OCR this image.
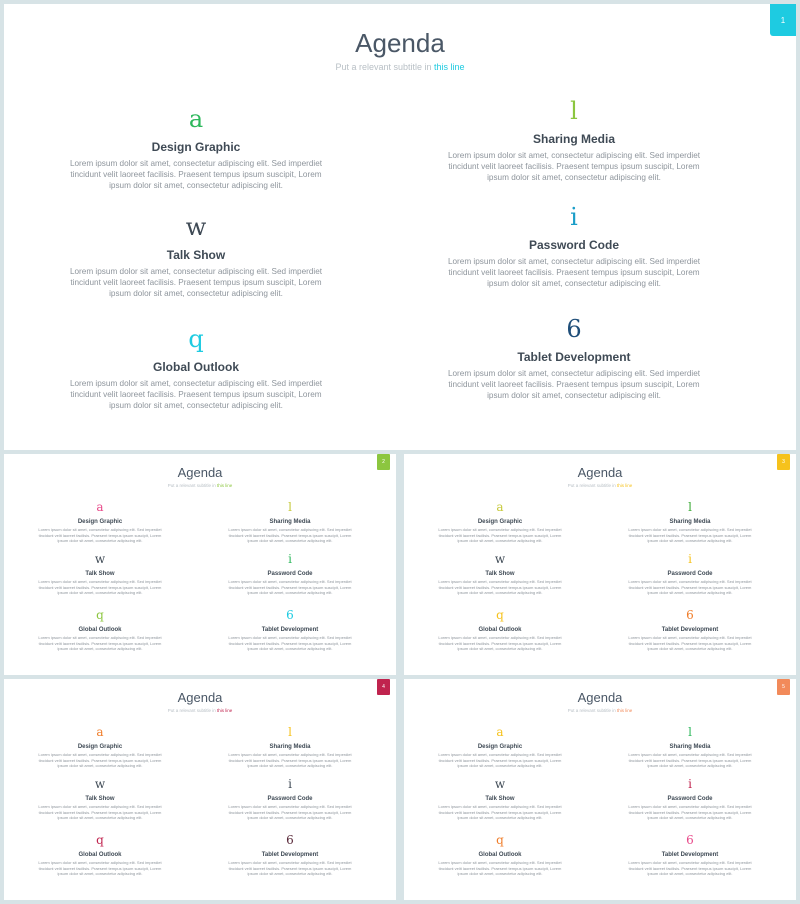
1
Agenda
Put a relevant subtitle in this line
a
Design Graphic
Lorem ipsum dolor sit amet, consectetur adipiscing elit. Sed imperdiet tincidunt velit laoreet facilisis. Praesent tempus ipsum suscipit, Lorem ipsum dolor sit amet, consectetur adipiscing elit.
l
Sharing Media
Lorem ipsum dolor sit amet, consectetur adipiscing elit. Sed imperdiet tincidunt velit laoreet facilisis. Praesent tempus ipsum suscipit, Lorem ipsum dolor sit amet, consectetur adipiscing elit.
w
Talk Show
Lorem ipsum dolor sit amet, consectetur adipiscing elit. Sed imperdiet tincidunt velit laoreet facilisis. Praesent tempus ipsum suscipit, Lorem ipsum dolor sit amet, consectetur adipiscing elit.
i
Password Code
Lorem ipsum dolor sit amet, consectetur adipiscing elit. Sed imperdiet tincidunt velit laoreet facilisis. Praesent tempus ipsum suscipit, Lorem ipsum dolor sit amet, consectetur adipiscing elit.
q
Global Outlook
Lorem ipsum dolor sit amet, consectetur adipiscing elit. Sed imperdiet tincidunt velit laoreet facilisis. Praesent tempus ipsum suscipit, Lorem ipsum dolor sit amet, consectetur adipiscing elit.
6
Tablet Development
Lorem ipsum dolor sit amet, consectetur adipiscing elit. Sed imperdiet tincidunt velit laoreet facilisis. Praesent tempus ipsum suscipit, Lorem ipsum dolor sit amet, consectetur adipiscing elit.
2
Agenda
Put a relevant subtitle in this line
a
Design Graphic
Lorem ipsum dolor sit amet, consectetur adipiscing elit. Sed imperdiet tincidunt velit laoreet facilisis. Praesent tempus ipsum suscipit, Lorem ipsum dolor sit amet, consectetur adipiscing elit.
l
Sharing Media
Lorem ipsum dolor sit amet, consectetur adipiscing elit. Sed imperdiet tincidunt velit laoreet facilisis. Praesent tempus ipsum suscipit, Lorem ipsum dolor sit amet, consectetur adipiscing elit.
w
Talk Show
Lorem ipsum dolor sit amet, consectetur adipiscing elit. Sed imperdiet tincidunt velit laoreet facilisis. Praesent tempus ipsum suscipit, Lorem ipsum dolor sit amet, consectetur adipiscing elit.
i
Password Code
Lorem ipsum dolor sit amet, consectetur adipiscing elit. Sed imperdiet tincidunt velit laoreet facilisis. Praesent tempus ipsum suscipit, Lorem ipsum dolor sit amet, consectetur adipiscing elit.
q
Global Outlook
Lorem ipsum dolor sit amet, consectetur adipiscing elit. Sed imperdiet tincidunt velit laoreet facilisis. Praesent tempus ipsum suscipit, Lorem ipsum dolor sit amet, consectetur adipiscing elit.
6
Tablet Development
Lorem ipsum dolor sit amet, consectetur adipiscing elit. Sed imperdiet tincidunt velit laoreet facilisis. Praesent tempus ipsum suscipit, Lorem ipsum dolor sit amet, consectetur adipiscing elit.
3
Agenda
Put a relevant subtitle in this line
a
Design Graphic
Lorem ipsum dolor sit amet, consectetur adipiscing elit. Sed imperdiet tincidunt velit laoreet facilisis. Praesent tempus ipsum suscipit, Lorem ipsum dolor sit amet, consectetur adipiscing elit.
l
Sharing Media
Lorem ipsum dolor sit amet, consectetur adipiscing elit. Sed imperdiet tincidunt velit laoreet facilisis. Praesent tempus ipsum suscipit, Lorem ipsum dolor sit amet, consectetur adipiscing elit.
w
Talk Show
Lorem ipsum dolor sit amet, consectetur adipiscing elit. Sed imperdiet tincidunt velit laoreet facilisis. Praesent tempus ipsum suscipit, Lorem ipsum dolor sit amet, consectetur adipiscing elit.
i
Password Code
Lorem ipsum dolor sit amet, consectetur adipiscing elit. Sed imperdiet tincidunt velit laoreet facilisis. Praesent tempus ipsum suscipit, Lorem ipsum dolor sit amet, consectetur adipiscing elit.
q
Global Outlook
Lorem ipsum dolor sit amet, consectetur adipiscing elit. Sed imperdiet tincidunt velit laoreet facilisis. Praesent tempus ipsum suscipit, Lorem ipsum dolor sit amet, consectetur adipiscing elit.
6
Tablet Development
Lorem ipsum dolor sit amet, consectetur adipiscing elit. Sed imperdiet tincidunt velit laoreet facilisis. Praesent tempus ipsum suscipit, Lorem ipsum dolor sit amet, consectetur adipiscing elit.
4
Agenda
Put a relevant subtitle in this line
a
Design Graphic
Lorem ipsum dolor sit amet, consectetur adipiscing elit. Sed imperdiet tincidunt velit laoreet facilisis. Praesent tempus ipsum suscipit, Lorem ipsum dolor sit amet, consectetur adipiscing elit.
l
Sharing Media
Lorem ipsum dolor sit amet, consectetur adipiscing elit. Sed imperdiet tincidunt velit laoreet facilisis. Praesent tempus ipsum suscipit, Lorem ipsum dolor sit amet, consectetur adipiscing elit.
w
Talk Show
Lorem ipsum dolor sit amet, consectetur adipiscing elit. Sed imperdiet tincidunt velit laoreet facilisis. Praesent tempus ipsum suscipit, Lorem ipsum dolor sit amet, consectetur adipiscing elit.
i
Password Code
Lorem ipsum dolor sit amet, consectetur adipiscing elit. Sed imperdiet tincidunt velit laoreet facilisis. Praesent tempus ipsum suscipit, Lorem ipsum dolor sit amet, consectetur adipiscing elit.
q
Global Outlook
Lorem ipsum dolor sit amet, consectetur adipiscing elit. Sed imperdiet tincidunt velit laoreet facilisis. Praesent tempus ipsum suscipit, Lorem ipsum dolor sit amet, consectetur adipiscing elit.
6
Tablet Development
Lorem ipsum dolor sit amet, consectetur adipiscing elit. Sed imperdiet tincidunt velit laoreet facilisis. Praesent tempus ipsum suscipit, Lorem ipsum dolor sit amet, consectetur adipiscing elit.
5
Agenda
Put a relevant subtitle in this line
a
Design Graphic
Lorem ipsum dolor sit amet, consectetur adipiscing elit. Sed imperdiet tincidunt velit laoreet facilisis. Praesent tempus ipsum suscipit, Lorem ipsum dolor sit amet, consectetur adipiscing elit.
l
Sharing Media
Lorem ipsum dolor sit amet, consectetur adipiscing elit. Sed imperdiet tincidunt velit laoreet facilisis. Praesent tempus ipsum suscipit, Lorem ipsum dolor sit amet, consectetur adipiscing elit.
w
Talk Show
Lorem ipsum dolor sit amet, consectetur adipiscing elit. Sed imperdiet tincidunt velit laoreet facilisis. Praesent tempus ipsum suscipit, Lorem ipsum dolor sit amet, consectetur adipiscing elit.
i
Password Code
Lorem ipsum dolor sit amet, consectetur adipiscing elit. Sed imperdiet tincidunt velit laoreet facilisis. Praesent tempus ipsum suscipit, Lorem ipsum dolor sit amet, consectetur adipiscing elit.
q
Global Outlook
Lorem ipsum dolor sit amet, consectetur adipiscing elit. Sed imperdiet tincidunt velit laoreet facilisis. Praesent tempus ipsum suscipit, Lorem ipsum dolor sit amet, consectetur adipiscing elit.
6
Tablet Development
Lorem ipsum dolor sit amet, consectetur adipiscing elit. Sed imperdiet tincidunt velit laoreet facilisis. Praesent tempus ipsum suscipit, Lorem ipsum dolor sit amet, consectetur adipiscing elit.
